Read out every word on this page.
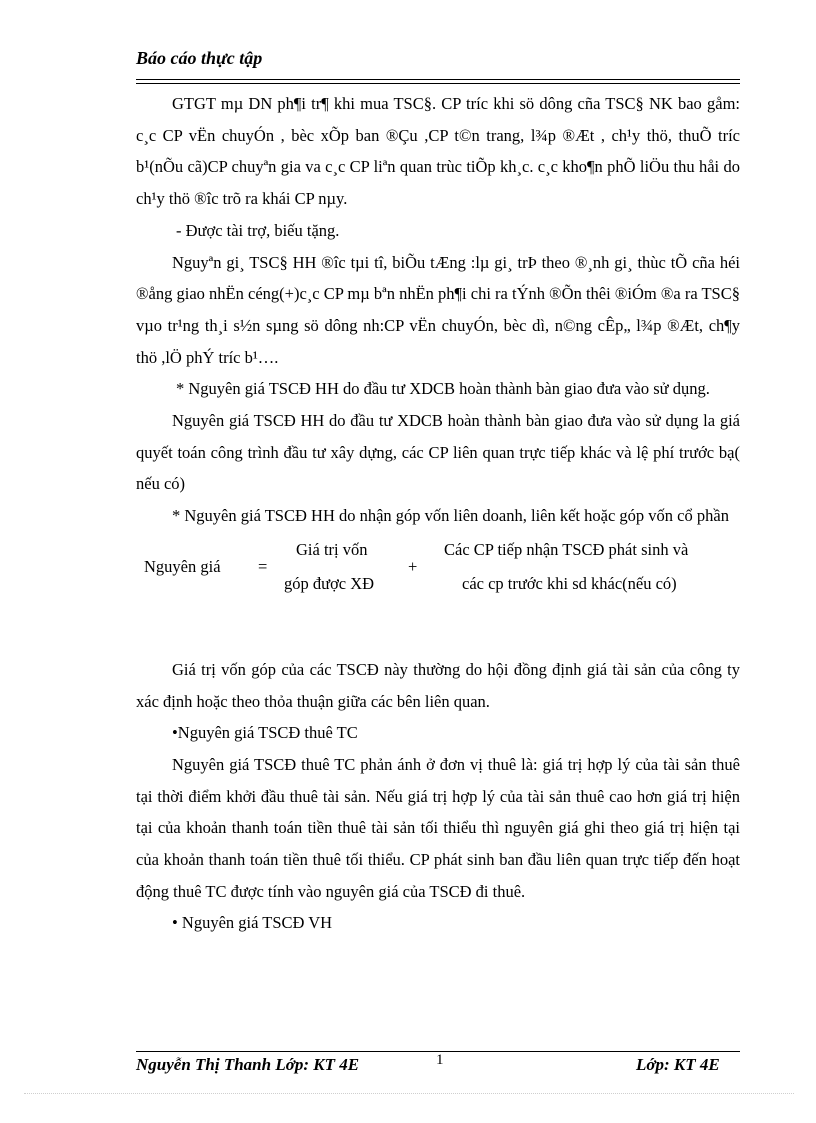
Báo cáo thực tập

GTGT mµ DN ph¶i tr¶ khi mua TSC§. CP tríc khi sö dông cña TSC§ NK bao gåm: c¸c CP vËn chuyÓn , bèc xÕp ban ®Çu ,CP t©n trang, l¾p ®Æt , ch¹y thö, thuÕ tríc b¹(nÕu cã)CP chuyªn gia va c¸c CP liªn quan trùc tiÕp kh¸c. c¸c kho¶n phÕ liÖu thu håi do ch¹y thö ®îc trõ ra khái CP nµy.

- Được tài trợ, biếu tặng.

Nguyªn gi¸ TSC§ HH ®îc tµi tî, biÕu tÆng :lµ gi¸ trÞ theo ®¸nh gi¸ thùc tÕ cña héi ®ång giao nhËn céng(+)c¸c CP mµ bªn nhËn ph¶i chi ra tÝnh ®Õn thêi ®iÓm ®a ra TSC§ vµo tr¹ng th¸i s½n sµng sö dông nh:CP vËn chuyÓn, bèc dì, n©ng cÊp„ l¾p ®Æt, ch¶y thö ,lÖ phÝ tríc b¹….

* Nguyên giá TSCĐ HH do đầu tư XDCB hoàn thành bàn giao đưa vào sử dụng.

Nguyên giá TSCĐ HH do đầu tư XDCB hoàn thành bàn giao đưa vào sử dụng la giá quyết toán công trình đầu tư xây dựng, các CP liên quan trực tiếp khác và lệ phí trước bạ( nếu có)

* Nguyên giá TSCĐ HH do nhận góp vốn liên doanh, liên kết hoặc góp vốn cổ phần

Nguyên giá =
Giá trị vốn
góp được XĐ
+
Các CP tiếp nhận TSCĐ phát sinh và
các cp trước khi sd khác(nếu có)

Giá trị vốn góp của các TSCĐ này thường do hội đồng định giá tài sản của công ty xác định hoặc theo thỏa thuận giữa các bên liên quan.

•Nguyên giá TSCĐ thuê TC

Nguyên giá TSCĐ thuê TC phản ánh ở đơn vị thuê là: giá trị hợp lý của tài sản thuê tại thời điểm khởi đầu thuê tài sản. Nếu giá trị hợp lý của tài sản thuê cao hơn giá trị hiện tại của khoản thanh toán tiền thuê tài sản tối thiểu thì nguyên giá ghi theo giá trị hiện tại của khoản thanh toán tiền thuê tối thiểu. CP phát sinh ban đầu liên quan trực tiếp đến hoạt động thuê TC được tính vào nguyên giá của TSCĐ đi thuê.

• Nguyên giá TSCĐ VH

Nguyễn Thị Thanh Lớp: KT 4E	1	Lớp: KT 4E
